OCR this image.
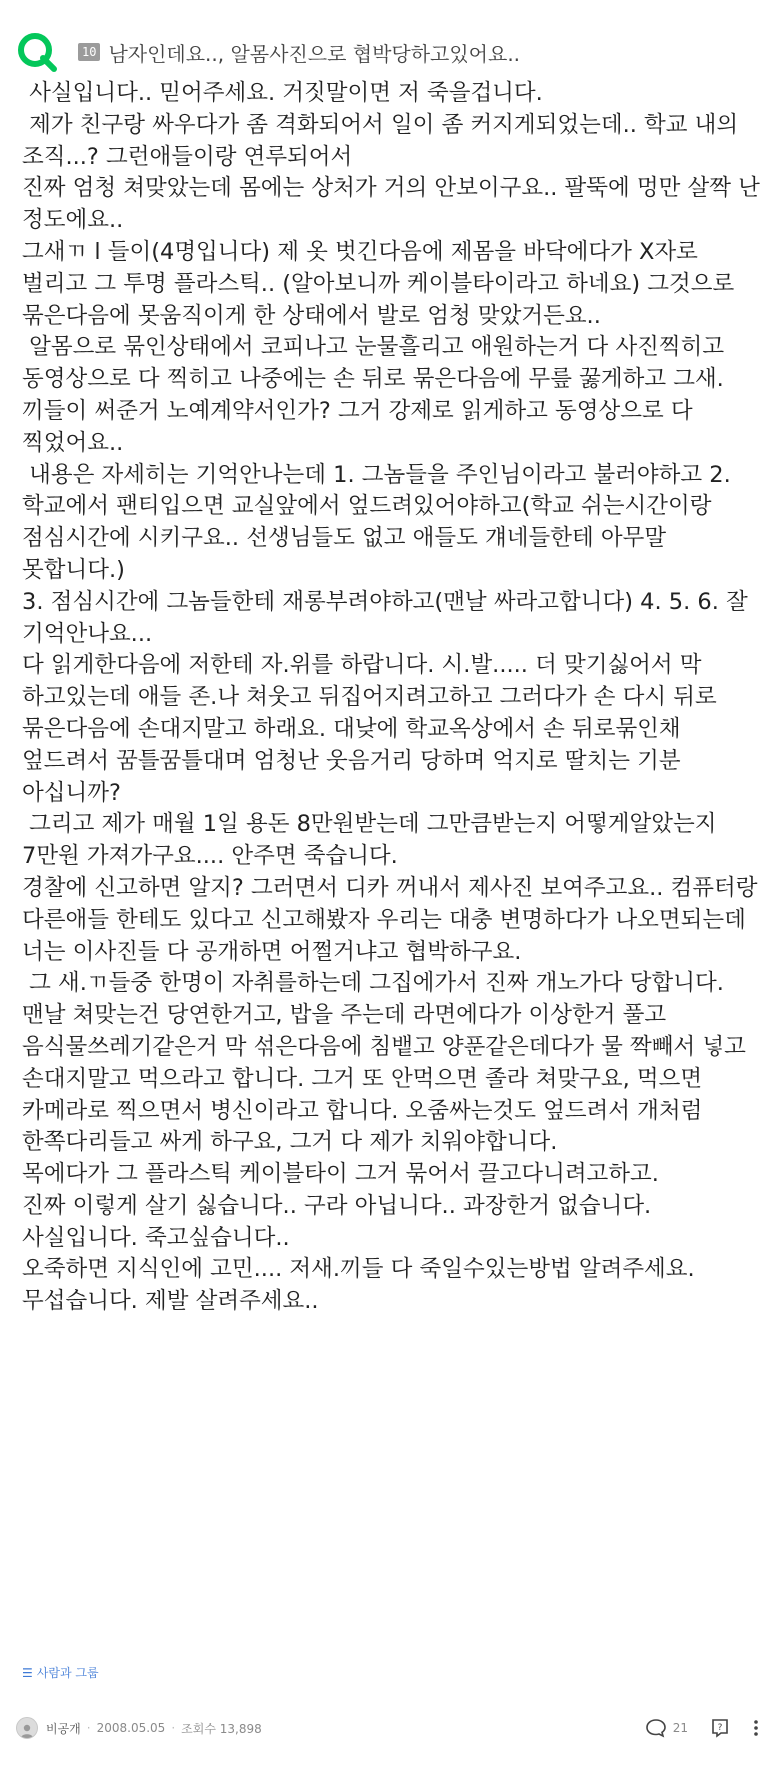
10 남자인데요.., 알몸사진으로 협박당하고있어요..

사실입니다.. 믿어주세요. 거짓말이면 저 죽을겁니다.

제가 친구랑 싸우다가 좀 격화되어서 일이 좀 커지게되었는데.. 학교 내의 조직...? 그런애들이랑 연루되어서
진짜 엄청 쳐맞았는데 몸에는 상처가 거의 안보이구요.. 팔뚝에 멍만 살짝 난 정도에요..
그새ㄲ l 들이(4명입니다) 제 옷 벗긴다음에 제몸을 바닥에다가 X자로 벌리고 그 투명 플라스틱.. (알아보니까 케이블타이라고 하네요) 그것으로 묶은다음에 못움직이게 한 상태에서 발로 엄청 맞았거든요..
알몸으로 묶인상태에서 코피나고 눈물흘리고 애원하는거 다 사진찍히고 동영상으로 다 찍히고 나중에는 손 뒤로 묶은다음에 무릎 꿇게하고 그새.끼들이 써준거 노예계약서인가? 그거 강제로 읽게하고 동영상으로 다 찍었어요..
내용은 자세히는 기억안나는데 1. 그놈들을 주인님이라고 불러야하고 2. 학교에서 팬티입으면 교실앞에서 엎드려있어야하고(학교 쉬는시간이랑 점심시간에 시키구요.. 선생님들도 없고 애들도 걔네들한테 아무말 못합니다.)
3. 점심시간에 그놈들한테 재롱부려야하고(맨날 싸라고합니다) 4. 5. 6. 잘 기억안나요...

다 읽게한다음에 저한테 자.위를 하랍니다. 시.발..... 더 맞기싫어서 막 하고있는데 애들 존.나 쳐웃고 뒤집어지려고하고 그러다가 손 다시 뒤로 묶은다음에 손대지말고 하래요. 대낮에 학교옥상에서 손 뒤로묶인채 엎드려서 꿈틀꿈틀대며 엄청난 웃음거리 당하며 억지로 딸치는 기분 아십니까?

그리고 제가 매월 1일 용돈 8만원받는데 그만큼받는지 어떻게알았는지 7만원 가져가구요.... 안주면 죽습니다.
경찰에 신고하면 알지? 그러면서 디카 꺼내서 제사진 보여주고요.. 컴퓨터랑 다른애들 한테도 있다고 신고해봤자 우리는 대충 변명하다가 나오면되는데 너는 이사진들 다 공개하면 어쩔거냐고 협박하구요.
그 새.ㄲ들중 한명이 자취를하는데 그집에가서 진짜 개노가다 당합니다. 맨날 쳐맞는건 당연한거고, 밥을 주는데 라면에다가 이상한거 풀고 음식물쓰레기같은거 막 섞은다음에 침뱉고 양푼같은데다가 물 짝빼서 넣고 손대지말고 먹으라고 합니다. 그거 또 안먹으면 졸라 쳐맞구요, 먹으면 카메라로 찍으면서 병신이라고 합니다. 오줌싸는것도 엎드려서 개처럼 한쪽다리들고 싸게 하구요, 그거 다 제가 치워야합니다.
목에다가 그 플라스틱 케이블타이 그거 묶어서 끌고다니려고하고.

진짜 이렇게 살기 싫습니다.. 구라 아닙니다.. 과장한거 없습니다.
사실입니다. 죽고싶습니다..
오죽하면 지식인에 고민.... 저새.끼들 다 죽일수있는방법 알려주세요. 무섭습니다. 제발 살려주세요..

☰ 사람과 그룹
비공개 · 2008.05.05 · 조회수 13,898	21	?
